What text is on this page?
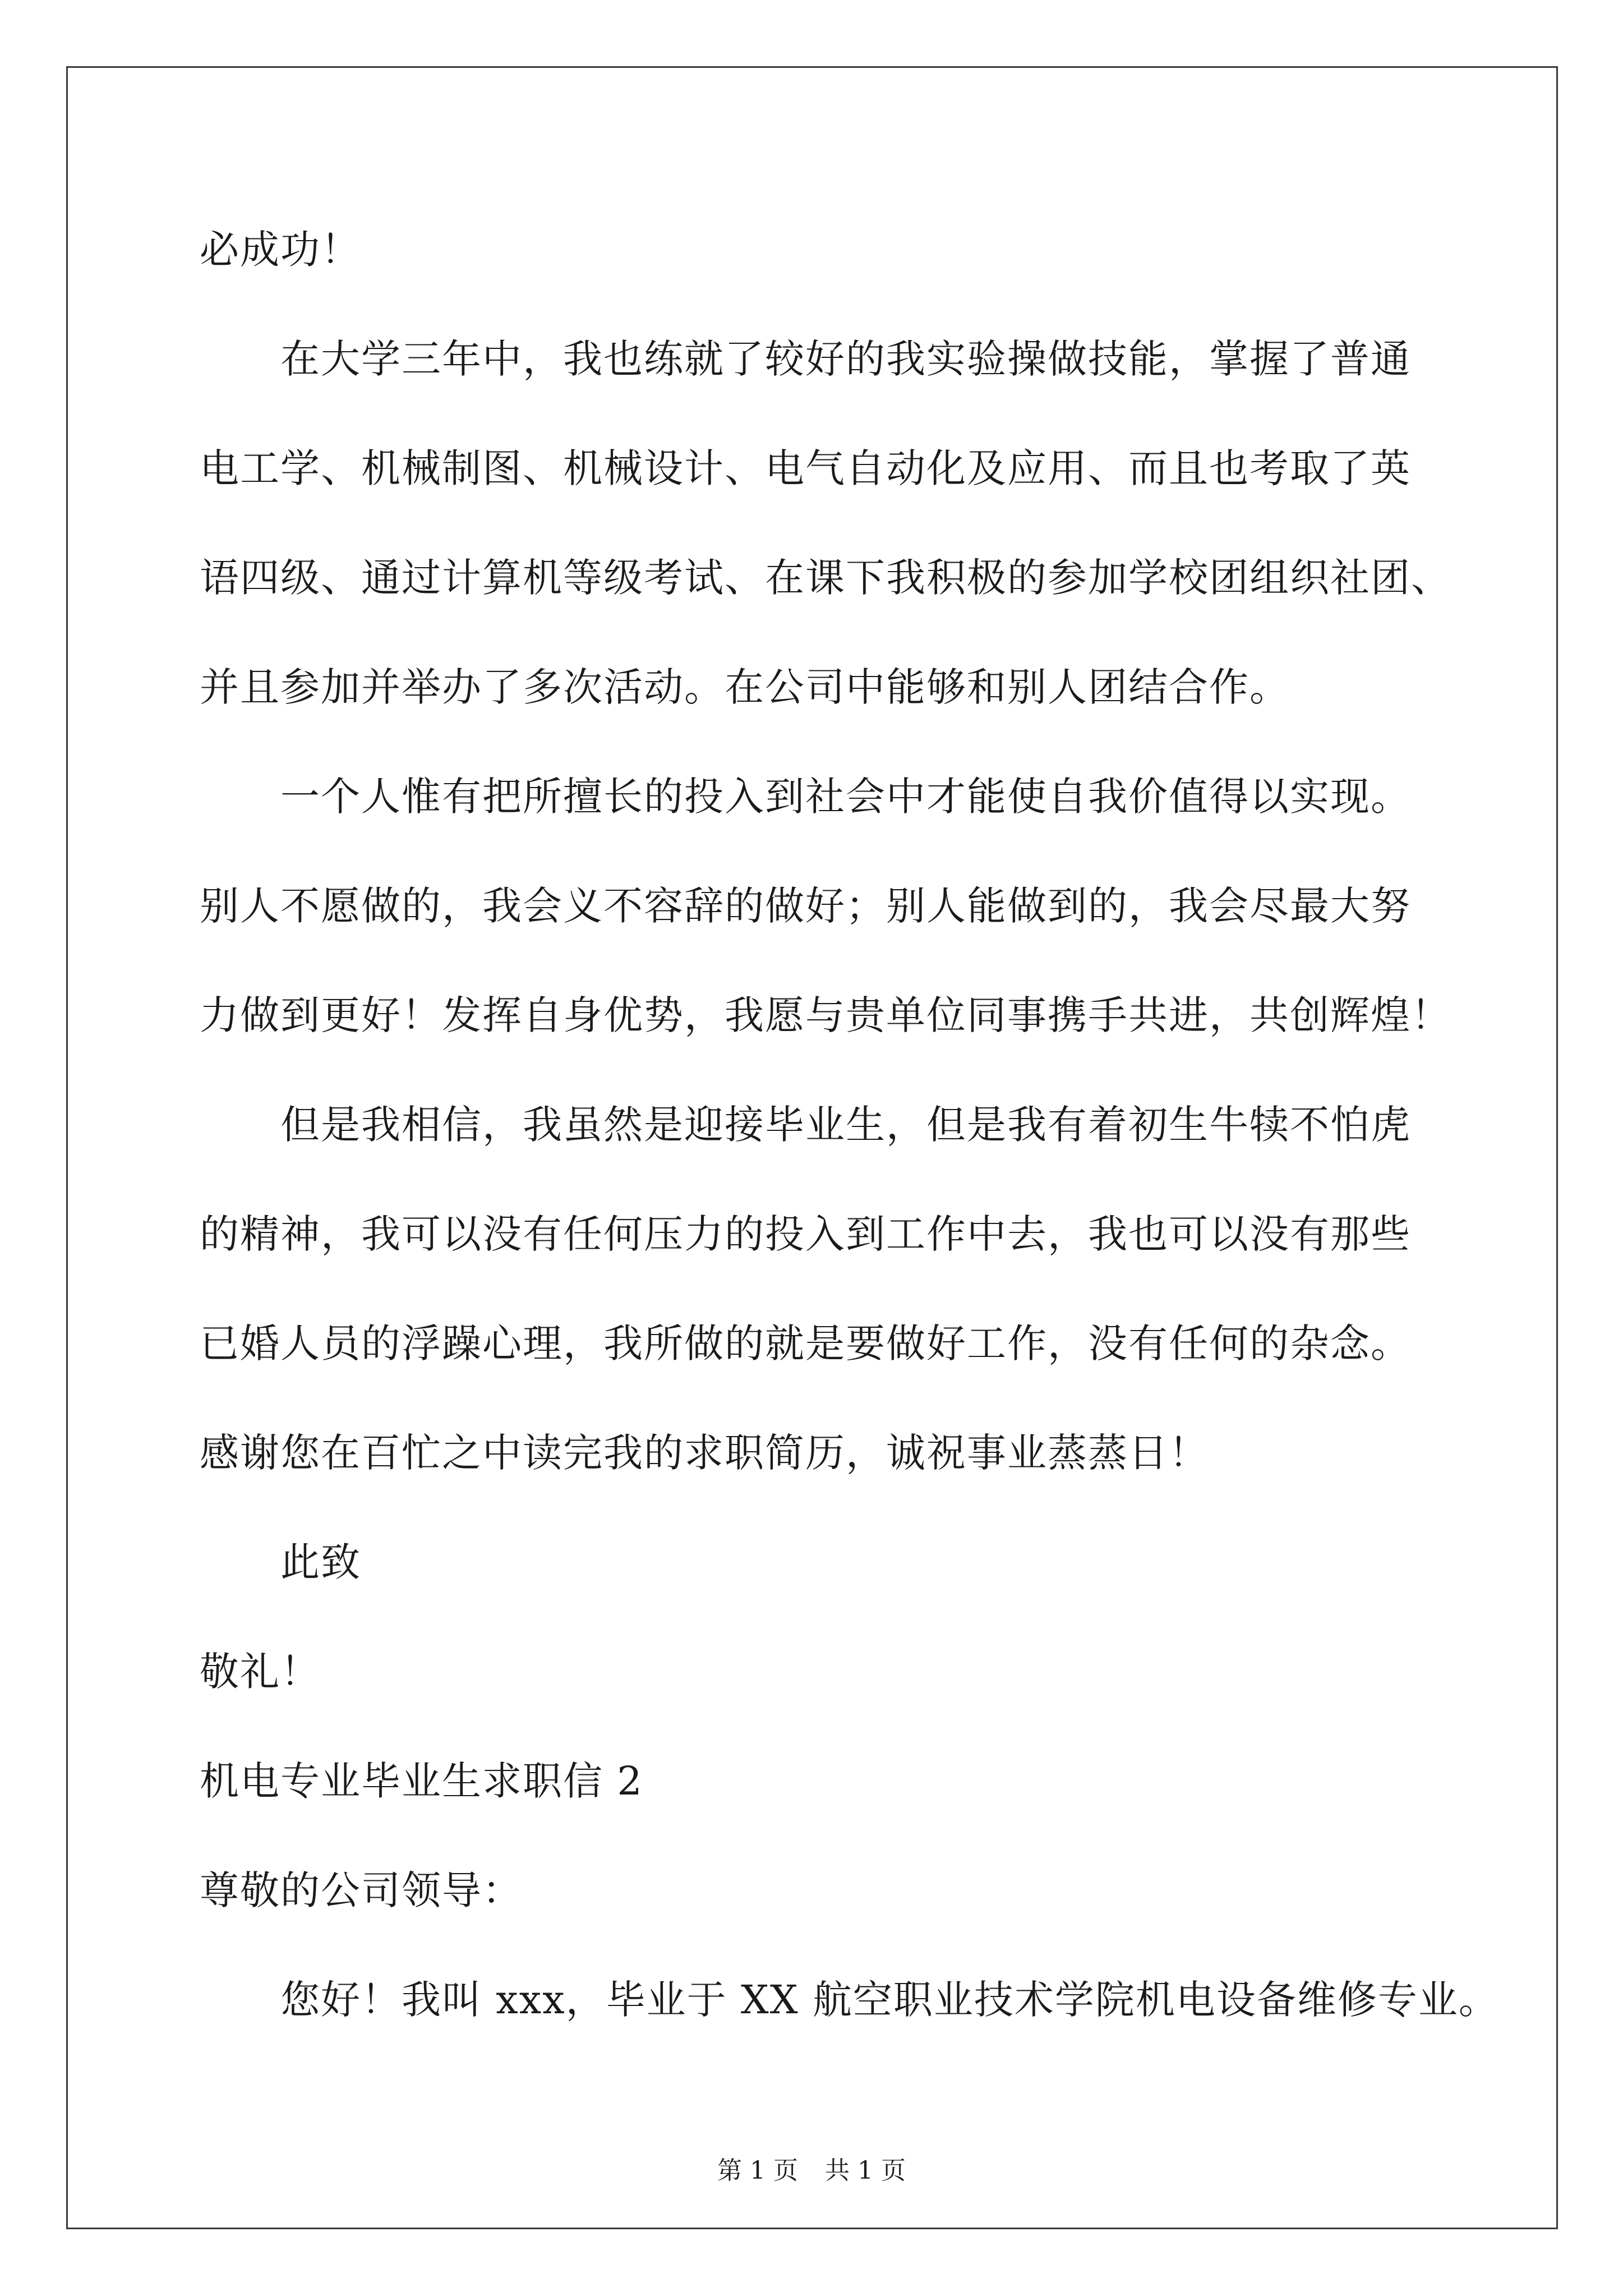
必成功！
在大学三年中，我也练就了较好的我实验操做技能，掌握了普通
电工学、机械制图、机械设计、电气自动化及应用、而且也考取了英
语四级、通过计算机等级考试、在课下我积极的参加学校团组织社团、
并且参加并举办了多次活动。在公司中能够和别人团结合作。
一个人惟有把所擅长的投入到社会中才能使自我价值得以实现。
别人不愿做的，我会义不容辞的做好；别人能做到的，我会尽最大努
力做到更好！发挥自身优势，我愿与贵单位同事携手共进，共创辉煌！
但是我相信，我虽然是迎接毕业生，但是我有着初生牛犊不怕虎
的精神，我可以没有任何压力的投入到工作中去，我也可以没有那些
已婚人员的浮躁心理，我所做的就是要做好工作，没有任何的杂念。
感谢您在百忙之中读完我的求职简历，诚祝事业蒸蒸日！
此致
敬礼！
机电专业毕业生求职信 2
尊敬的公司领导：
您好！我叫 xxx，毕业于 XX 航空职业技术学院机电设备维修专业。
第 1 页 共 1 页
